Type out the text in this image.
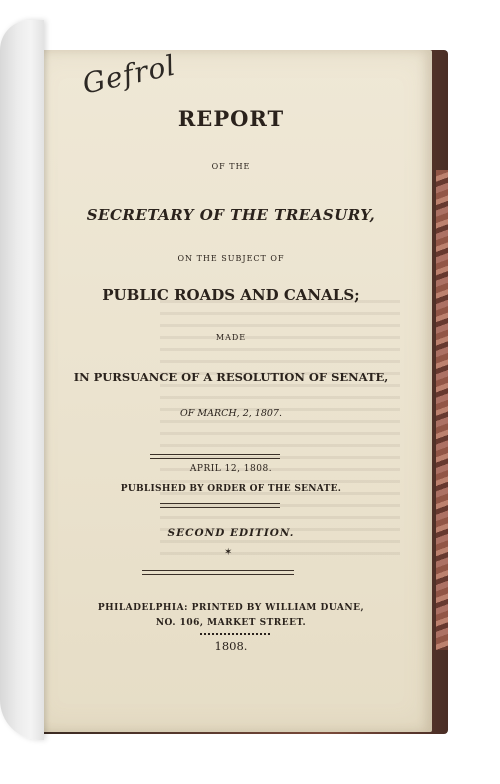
Gefrol
REPORT
OF THE
SECRETARY OF THE TREASURY,
ON THE SUBJECT OF
PUBLIC ROADS AND CANALS;
MADE
IN PURSUANCE OF A RESOLUTION OF SENATE,
OF MARCH, 2, 1807.
APRIL 12, 1808.
PUBLISHED BY ORDER OF THE SENATE.
SECOND EDITION.
✶
PHILADELPHIA: PRINTED BY WILLIAM DUANE,
NO. 106, MARKET STREET.
1808.
